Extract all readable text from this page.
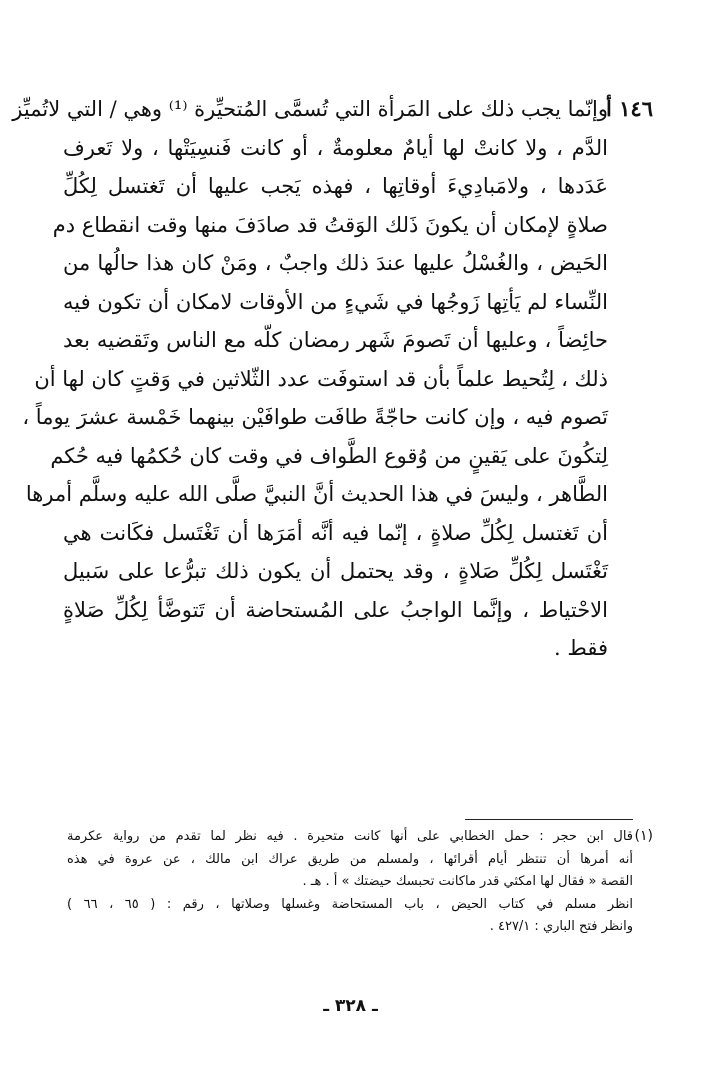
١٤٦ أ
وإنّما يجب ذلك على المَرأة التي تُسمَّى المُتحيِّرة ⁽¹⁾ وهي / التي لاتُميِّز
الدَّم ، ولا كانتْ لها أيامٌ معلومةٌ ، أو كانت فَنسِيَتْها ، ولا تَعرف
عَدَدها ، ولامَبادِيءَ أوقاتِها ، فهذه يَجب عليها أن تَغتسل لِكُلِّ
صلاةٍ لإمكان أن يكونَ ذَلك الوَقتُ قد صادَفَ منها وقت انقطاع دم
الحَيض ، والغُسْلُ عليها عندَ ذلك واجبٌ ، ومَنْ كان هذا حالُها من
النِّساء لم يَأتِها زَوجُها في شَيءٍ من الأوقات لامكان أن تكون فيه
حائِضاً ، وعليها أن تَصومَ شَهر رمضان كلّه مع الناس وتَقضيه بعد
ذلك ، لِتُحيط علماً بأن قد استوفَت عدد الثّلاثين في وَقتٍ كان لها أن
تَصوم فيه ، وإن كانت حاجّةً طافَت طوافَيْن بينهما خَمْسة عشرَ يوماً ،
لِتكُونَ على يَقينٍ من وُقوع الطَّواف في وقت كان حُكمُها فيه حُكم
الطَّاهر ، وليسَ في هذا الحديث أنَّ النبيَّ صلَّى الله عليه وسلَّم أمرها
أن تَغتسل لِكُلِّ صلاةٍ ، إنّما فيه أنَّه أمَرَها أن تَغْتَسل فكَانت هي
تَغْتَسل لِكُلِّ صَلاةٍ ، وقد يحتمل أن يكون ذلك تبرُّعا على سَبيل
الاحْتياط ، وإنَّما الواجبُ على المُستحاضة أن تَتوضَّأ لِكُلِّ صَلاةٍ
فقط .
(١)
قال ابن حجر : حمل الخطابي على أنها كانت متحيرة . فيه نظر لما تقدم من رواية عكرمة
أنه أمرها أن تنتظر أيام أقرائها ، ولمسلم من طريق عراك ابن مالك ، عن عروة في هذه
القصة « فقال لها امكثي قدر ماكانت تحبسك حيضتك » أ . هـ .
انظر مسلم في كتاب الحيض ، باب المستحاضة وغسلها وصلاتها ، رقم : ( ٦٥ ، ٦٦ )
وانظر فتح الباري : ٤٢٧/١ .
ـ ٣٢٨ ـ
